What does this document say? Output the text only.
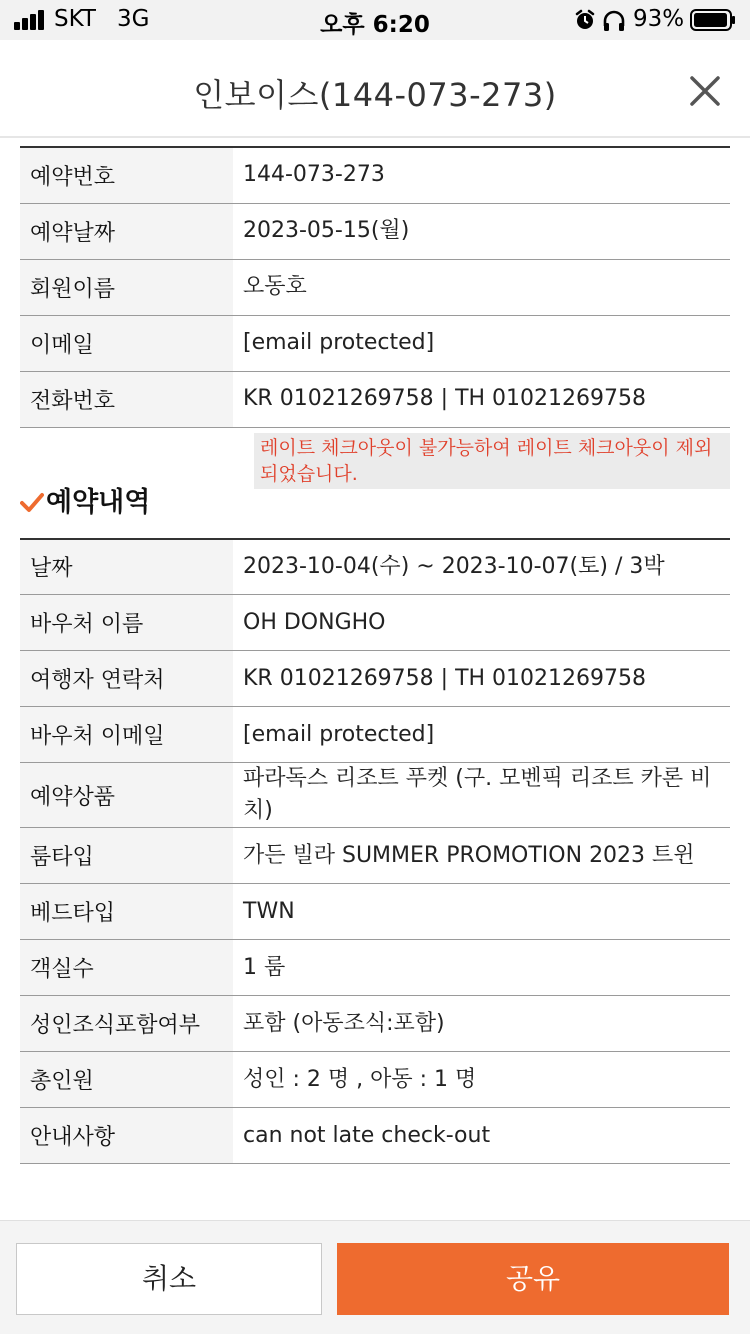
SKT 3G	오후 6:20	93%
인보이스(144-073-273)
예약번호	144-073-273
예약날짜	2023-05-15(월)
회원이름	오동호
이메일	[email protected]
전화번호	KR 01021269758 | TH 01021269758
레이트 체크아웃이 불가능하여 레이트 체크아웃이 제외되었습니다.
예약내역
날짜	2023-10-04(수) ~ 2023-10-07(토) / 3박
바우처 이름	OH DONGHO
여행자 연락처	KR 01021269758 | TH 01021269758
바우처 이메일	[email protected]
예약상품	파라독스 리조트 푸켓 (구. 모벤픽 리조트 카론 비치)
룸타입	가든 빌라 SUMMER PROMOTION 2023 트윈
베드타입	TWN
객실수	1 룸
성인조식포함여부	포함 (아동조식:포함)
총인원	성인 : 2 명 , 아동 : 1 명
안내사항	can not late check-out
취소	공유
